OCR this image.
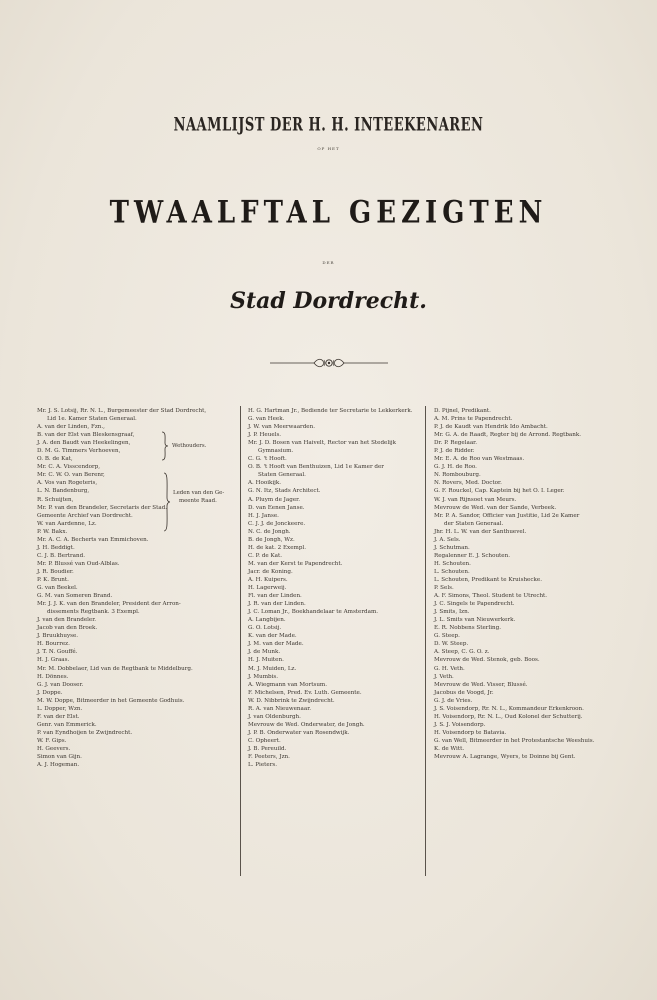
NAAMLIJST DER H. H. INTEEKENAREN
OP HET
TWAALFTAL GEZIGTEN
DER
Stad Dordrecht.
Mr. J. S. Lotsij, Rr. N. L., Burgemeester der Stad Dordrecht,
Lid 1e. Kamer Staten Generaal.
A. van der Linden, Fzn.,
B. van der Elst van Bleskensgraaf,
J. A. den Baudt van Heekelingen,
D. M. G. Timmers Verhoeven,
O. B. de Kat,
Mr. C. A. Visscendorp,
Mr. C. W. O. van Berenr,
A. Vos van Rogeteris,
L. N. Bandenburg,
R. Schuijten,
Mr. P. van den Brandeler, Secretaris der Stad.
Gemeente Archief van Dordrecht.
W. van Aardenne, Lz.
P. W. Bakx.
Mr. A. C. A. Becherts van Emmichoven.
J. H. Beddigt.
C. J. B. Bertrand.
Mr. P. Blussé van Oud-Alblas.
J. R. Boudier.
P. K. Brunt.
G. van Beekel.
G. M. van Someren Brand.
Mr. J. J. K. van den Brandeler, President der Arron-
dissements Regtbank. 3 Exempl.
J. van den Brandeler.
Jacob van den Broek.
J. Bruukhuyse.
H. Bourrez.
J. T. N. Gouffé.
H. J. Graas.
Mr. M. Dobbelaer, Lid van de Regtbank te Middelburg.
H. Dönnes.
G. J. van Dooser.
J. Doppe.
M. W. Doppe, Bitmeerder in het Gemeente Godhuis.
L. Dopper, Wzn.
F. van der Elst.
Genr. van Emmerick.
P. van Eyndhoijen te Zwijndrecht.
W. F. Gips.
H. Geevers.
Simon van Gijn.
A. J. Hogeman.
H. G. Hartman Jr., Bediende ter Secretarie te Lekkerkerk.
G. van Heek.
J. W. van Meerwaarden.
J. P. Heuels.
Mr. J. D. Bosen van Haivelt, Rector van het Stedelijk
Gymnasium.
C. G. 't Hooft.
O. B. 't Hooft van Benthuizen, Lid 1e Kamer der
Staten Generaal.
A. Hooikijk.
G. N. Itz, Stads Architect.
A. Pluym de Jager.
D. van Eenen Janse.
H. J. Janse.
C. J. J. de Jonckeere.
N. C. de Jongh.
B. de Jongh, Wz.
H. de kat. 2 Exempl.
C. P. de Kat.
M. van der Kerst te Papendrecht.
Jacr. de Koning.
A. H. Kuipers.
H. Lagerweij.
Fl. van der Linden.
J. R. van der Linden.
J. C. Loman Jr., Boekhandelaar te Amsterdam.
A. Langbijen.
G. O. Lotsij.
K. van der Made.
J. M. van der Made.
J. de Munk.
H. J. Muiten.
M. J. Muiden, Lz.
J. Mumbis.
A. Wiegmann van Mortsum.
F. Michelsen, Pred. Ev. Luth. Gemeente.
W. D. Nibbrink te Zwijndrecht.
R. A. van Nieuwenaar.
J. van Oldenburgh.
Mevrouw de Wed. Onderwater, de Jongh.
J. P. B. Onderwater van Rosendwijk.
C. Opheert.
J. B. Pereuild.
F. Peeters, Jzn.
L. Pieters.
D. Pijnel, Predikant.
A. M. Prins te Papendrecht.
P. J. de Kaudt van Hendrik Ido Ambacht.
Mr. G. A. de Raadt, Regter bij de Arrond. Regtbank.
Dr. P. Regelaar.
P. J. de Ridder.
Mr. E. A. de Roo van Westmaas.
G. J. H. de Roo.
N. Rombouburg.
N. Rovers, Med. Doctor.
G. F. Rouckel, Cap. Kaptein bij het O. I. Leger.
W. J. van Rijnsoet van Meurs.
Mevrouw de Wed. van der Sande, Verbeek.
Mr. P. A. Sandor, Officier van Justitie, Lid 2e Kamer
der Staten Generaal.
Jhr. H. L. W. van der Santhuevel.
J. A. Sels.
J. Schutman.
Regalenner E. J. Schouten.
H. Schouten.
L. Schouten.
L. Schouten, Predikant te Kruishecke.
P. Sels.
A. F. Simons, Theol. Student te Utrecht.
J. C. Singels te Papendrecht.
J. Smits, Izn.
J. L. Smits van Nieuwerkerk.
E. R. Nobbens Sterling.
G. Steep.
D. W. Steep.
A. Steep, C. G. O. z.
Mevrouw de Wed. Stenok, geb. Boos.
G. H. Veth.
J. Veth.
Mevrouw de Wed. Visser, Blussé.
Jacobus de Voogd, Jr.
G. J. de Vries.
J. S. Voisendorp, Rr. N. L., Kommandeur Erkenkroon.
H. Voisendorp, Rr. N. L., Oud Kolonel der Schutterij.
J. S. J. Voisendorp.
H. Voisendorp te Batavia.
G. van Well, Bitmeerder in het Protestantsche Weeshuis.
K. de Witt.
Mevrouw A. Lagrange, Wyers, te Doinne bij Gent.
Wethouders.
Leden van den Ge-
meente Raad.
